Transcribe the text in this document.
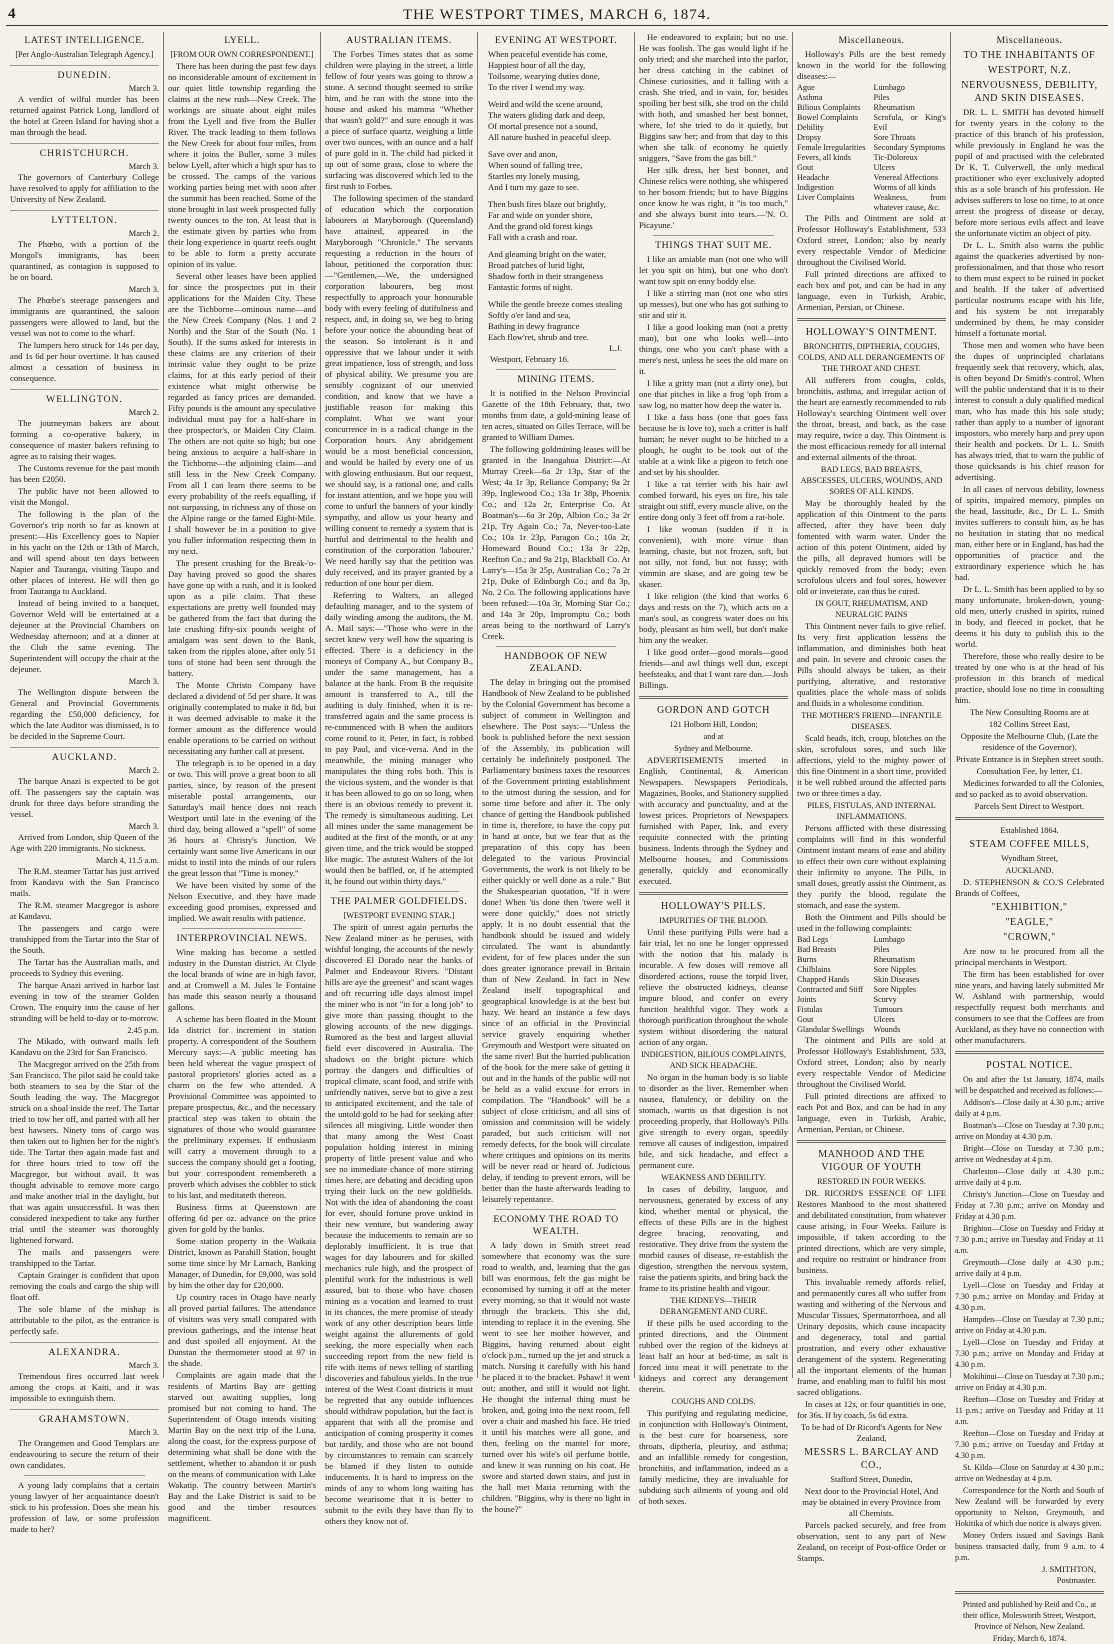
4	THE WESTPORT TIMES, MARCH 6, 1874.
LATEST INTELLIGENCE.
[Per Anglo-Australian Telegraph Agency.]
DUNEDIN.
March 3.

A verdict of wilful murder has been returned against Patrick Long, landlord of the hotel at Green Island for having shot a man through the head.

CHRISTCHURCH.
March 3.

The governors of Canterbury College have resolved to apply for affiliation to the University of New Zealand.

LYTTELTON.
March 2.

The Phœbo, with a portion of the Mongol's immigrants, has been quarantined, as contagion is supposed to be on board.

March 3.

The Phœbe's steerage passengers and immigrants are quarantined, the saloon passengers were allowed to land, but the vessel was not to come to the wharf.

The lumpers hero struck for 14s per day, and 1s 6d per hour overtime. It has caused almost a cessation of business in consequence.

WELLINGTON.
March 2.

The journeyman bakers are about forming a co-operative bakery, in consequence of master bakers refusing to agree as to raising their wages.

The Customs revenue for the past month has been £2050.

The public have not been allowed to visit the Mongol.

The following is the plan of the Governor's trip north so far as known at present:—His Excellency goes to Napier in his yacht on the 12th or 13th of March, and will spend about ten days between Napier and Tauranga, visiting Taupo and other places of interest. He will then go from Tauranga to Auckland.

Instead of being invited to a banquet, Governor Weld will be entertained at a dejeuner at the Provincial Chambers on Wednesday afternoon; and at a dinner at the Club the same evening. The Superintendent will occupy the chair at the dejeuner.

March 3.

The Wellington dispute between the General and Provincial Governments regarding the £50,000 deficiency, for which the late Auditor was dismissed, is to be decided in the Supreme Court.

AUCKLAND.
March 2.

The barque Anazi is expected to be got off. The passengers say the captain was drunk for three days before stranding the vessel.

March 3.

Arrived from London, ship Queen of the Age with 220 immigrants. No sickness.

March 4, 11.5 a.m.

The R.M. steamer Tartar has just arrived from Kandavu with the San Francisco mails.

The R.M. steamer Macgregor is ashore at Kandavu.

The passengers and cargo were transhipped from the Tartar into the Star of the South.

The Tartar has the Australian mails, and proceeds to Sydney this evening.

The barque Anazi arrived in harbor last evening in tow of the steamer Golden Crown. The enquiry into the cause of her stranding will be held to-day or to-morrow.

2.45 p.m.

The Mikado, with outward mails left Kandavu on the 23rd for San Francisco.

The Macgregor arrived on the 25th from San Francisco. The pilot said he could take both steamers to sea by the Star of the South leading the way. The Macgregor struck on a shoal inside the reef. The Tartar tried to tow her off, and parted with all her best hawsers. Ninety tons of cargo was then taken out to lighten her for the night's tide. The Tartar then again made fast and for three hours tried to tow off the Macgregor, but without avail. It was thought advisable to remove more cargo and make another trial in the daylight, but that was again unsuccessful. It was then considered inexpedient to take any further trial until the steamer was thoroughly lightened forward.

The mails and passengers were transhipped to the Tartar.

Captain Grainger is confident that upon removing the coals and cargo the ship will float off.

The sole blame of the mishap is attributable to the pilot, as the entrance is perfectly safe.

ALEXANDRA.
March 3.

Tremendous fires occurred last week among the crops at Kaiti, and it was impossible to extinguish them.

GRAHAMSTOWN.
March 3.

The Orangemen and Good Templars are endeavouring to secure the return of their own candidates.

A young lady complains that a certain young lawyer of her acquaintance doesn't stick to his profession. Does she mean his profession of law, or some profession made to her?

LYELL.
[FROM OUR OWN CORRESPONDENT.]

There has been during the past few days no inconsiderable amount of excitement in our quiet little township regarding the claims at the new rush—New Creek. The workings are situate about eight miles from the Lyell and five from the Buller River. The track leading to them follows the New Creek for about four miles, from where it joins the Buller, some 3 miles below Lyell, after which a high spur has to be crossed. The camps of the various working parties being met with soon after the summit has been reached. Some of the stone brought in last week prospected fully twenty ounces to the ton. At least that is the estimate given by parties who from their long experience in quartz reefs ought to be able to form a pretty accurate opinion of its value.

Several other leases have been applied for since the prospectors put in their applications for the Maiden City. These are the Tichborne—ominous name—and the New Creek Company (Nos. 1 and 2 North) and the Star of the South (No. 1 South). If the sums asked for interests in these claims are any criterion of their intrinsic value they ought to be prize claims, for at this early period of their existence what might otherwise be regarded as fancy prices are demanded. Fifty pounds is the amount any speculative individual must pay for a half-share in thee prospector's, or Maiden City Claim. The others are not quite so high; but one being anxious to acquire a half-share in the Tichborne—the adjoining claim—and still less in the New Creek Company. From all I can learn there seems to be every probability of the reefs equalling, if not surpassing, in richness any of those on the Alpine range or the famed Eight-Mile. I shall however be in a position to give you fuller information respecting them in my next.

The present crushing for the Break-'o-Day having proved so good the shares have gone up with a rush, and it is looked upon as a pile claim. That these expectations are pretty well founded may be gathered from the fact that during the late crushing fifty-six pounds weight of amalgam was sent down to the Bank, taken from the ripples alone, after only 51 tons of stone had been sent through the battery.

The Monte Christo Company have declared a dividend of 5d per share. It was originally contemplated to make it 8d, but it was deemed advisable to make it the former amount as the difference would enable operations to be carried on without necessitating any further call at present.

The telegraph is to be opened in a day or two. This will prove a great boon to all parties, since, by reason of the present miserable postal arrangements, our Saturday's mail hence does not reach Westport until late in the evening of the third day, being allowed a "spell" of some 36 hours at Christy's Junction. We certainly want some live Americans in our midst to instil into the minds of our rulers the great lesson that "Time is money."

We have been visited by some of the Nelson Executive, and they have made exceeding good promises, expressed and implied. We await results with patience.

INTERPROVINCIAL NEWS.

Wine making has become a settled industry in the Dunstan district. At Clyde the local brands of wine are in high favor, and at Cromwell a M. Jules le Fontaine has made this season nearly a thousand gallons.

A scheme has been floated in the Mount Ida district for increment in station property. A correspondent of the Southern Mercury says:—A public meeting has been held whereat the vague prospect of pastoral proprietors' glories acted as a charm on the few who attended. A Provisional Committee was appointed to prepare prospectus, &c., and the necessary practical step was taken to obtain the signatures of those who would guarantee the preliminary expenses. If enthusiasm will carry a movement through to a success the company should get a footing, but your correspondent remembereth a proverb which advises the cobbler to stick to his last, and meditateth thereon.

Business firms at Queenstown are offering 6d per oz. advance on the price given for gold by the banks.

Some station property in the Waikaia District, known as Parahill Station, bought some time since by Mr Larnach, Banking Manager, of Dunedin, for £9,000, was sold by him the other day for £20,000.

Up country races in Otago have nearly all proved partial failures. The attendance of visitors was very small compared with previous gatherings, and the intense heat and dust spoiled all enjoyment. At the Dunstan the thermometer stood at 97 in the shade.

Complaints are again made that the residents of Martins Bay are getting starved out awaiting supplies, long promised but not coming to hand. The Superintendent of Otago intends visiting Martin Bay on the next trip of the Luna, along the coast, for the express purpose of determining what shall be done with the settlement, whether to abandon it or push on the means of communication with Lake Wakatip. The country between Martin's Bay and the Lake District is said to be good and the timber resources magnificent.

AUSTRALIAN ITEMS.

The Forbes Times states that as some children were playing in the street, a little fellow of four years was going to throw a stone. A second thought seemed to strike him, and he ran with the stone into the house and asked his mamma "Whether that wasn't gold?" and sure enough it was a piece of surface quartz, weighing a little over two ounces, with an ounce and a half of pure gold in it. The child had picked it up out of some grass, close to where the surfacing was discovered which led to the first rush to Forbes.

The following specimen of the standard of education which the corporation labourers at Maryborough (Queensland) have attained, appeared in the Maryborough "Chronicle." The servants requesting a reduction in the hours of labour, petitioned the corporation thus:—"Gentlemen,—We, the undersigned corporation labourers, beg most respectfully to approach your honourable body with every feeling of dutifulness and respect, and, in doing so, we beg to bring before your notice the abounding heat of the season. So intolerant is it and oppressive that we labour under it with great impatience, loss of strength, and loss of physical ability. We presume you are sensibly cognizant of our unenvied condition, and know that we have a justifiable reason for making this complaint. What we want your concurrence in is a radical change in the Corporation hours. Any abridgement would be a most beneficial concession, and would be hailed by every one of us with glowing enthusiasm. But our request, we should say, is a rational one, and calls for instant attention, and we hope you will come to unfurl the banners of your kindly sympathy, and allow us your hearty and willing consent to remedy a system that is hurtful and detrimental to the health and constitution of the corporation 'labourer.' We need hardly say that the petition was duly received, and its prayer granted by a reduction of one hour per diem.

Referring to Walters, an alleged defaulting manager, and to the system of daily winding among the auditors, the M. A. Mail says:—"Those who were in the secret knew very well how the squaring is effected. There is a deficiency in the moneys of Company A., but Company B., under the same management, has a balance at the bank. From B the requisite amount is transferred to A., till the auditing is duly finished, when it is re-transferred again and the same process is re-commenced with B when the auditors come round to it. Peter, in fact, is robbed to pay Paul, and vice-versa. And in the meanwhile, the mining manager who manipulates the thing robs both. This is the vicious system, and the wonder is that it has been allowed to go on so long, when there is an obvious remedy to prevent it. The remedy is simultaneous auditing. Let all mines under the same management be audited at the first of the month, or at any given time, and the trick would be stopped like magic. The astutest Walters of the lot would then be baffled, or, if he attempted it, he found out within thirty days."

THE PALMER GOLDFIELDS.
[WESTPORT EVENING STAR.]

The spirit of unrest again perturbs the New Zealand miner as he peruses, with wishful longing, the accounts of the newly discovered El Dorado near the banks of Palmer and Endeavour Rivers. "Distant hills are aye the greenest" and scant wages and oft recurring idle days almost impel the miner who is not "in for a long job" to give more than passing thought to the glowing accounts of the new diggings. Rumored as the best and largest alluvial field ever discovered in Australia. The shadows on the bright picture which portray the dangers and difficulties of tropical climate, scant food, and strife with unfriendly natives, serve but to give a zest to anticipated excitement, and the tale of the untold gold to be had for seeking after silences all misgiving. Little wonder then that many among the West Coast population holding interest in mining property of little present value and who see no immediate chance of more stirring times here, are debating and deciding upon trying their luck on the new goldfields. Not with the idea of abandoning the coast for ever, should fortune prove unkind in their new venture, but wandering away because the inducements to remain are so deplorably insufficient. It is true that wages for day labourers and for skilled mechanics rule high, and the prospect of plentiful work for the industrious is well assured, but to those who have chosen mining as a vocation and learned to trust in its chances, the mere promise of steady work of any other description bears little weight against the allurements of gold seeking, the more especially when each succeeding report from the new field is rife with items of news telling of startling discoveries and fabulous yields. In the true interest of the West Coast districts it must be regretted that any outside influences should withdraw population, but the fact is apparent that with all the promise and anticipation of coming prosperity it comes but tardily, and those who are not bound by circumstances to remain can scarcely be blamed if they listen to outside inducements. It is hard to impress on the minds of any to whom long waiting has become wearisome that it is better to submit to the evils they have than fly to others they know not of.

EVENING AT WESTPORT.

When peaceful eventide has come,

Happiest hour of all the day,

Toilsome, wearying duties done,

To the river I wend my way.

Weird and wild the scene around,

The waters gliding dark and deep,

Of mortal presence not a sound,

All nature hushed in peaceful sleep.

Save over and anon,

When sound of falling tree,

Startles my lonely musing,

And I turn my gaze to see.

Then bush fires blaze out brightly,

Far and wide on yonder shore,

And the grand old forest kings

Fall with a crash and roar.

And gleaming bright on the water,

Broad patches of lurid light,

Shadow forth in their strangeness

Fantastic forms of night.

While the gentle breeze comes stealing

Softly o'er land and sea,

Bathing in dewy fragrance

Each flow'ret, shrub and tree.

L.J.

Westport, February 16.

MINING ITEMS.

It is notified in the Nelson Provincial Gazette of the 18th February, that, two months from date, a gold-mining lease of ten acres, situated on Giles Terrace, will be granted to William Dames.

The following goldmining leases will be granted in the Inangahua District:—At Murray Creek—6a 2r 13p, Star of the West; 4a 1r 3p, Reliance Company; 9a 2r 39p, Inglewood Co.; 13a 1r 38p, Phoenix Co.; and 12a 2r, Enterprise Co. At Boatman's—6a 3r 20p, Albion Co.; 3a 2r 21p, Try Again Co.; 7a, Never-too-Late Co.; 10a 1r 23p, Paragon Co.; 10a 2r, Homeward Bound Co.; 13a 3r 22p, Reefton Co.; and 9a 21p, Blackball Co. At Larry's—15a 3r 25p, Australian Co.; 7a 2r 21p, Duke of Edinburgh Co.; and 8a 3p, No. 2 Co. The following applications have been refused:—10a 3r, Morning Star Co.; and 14a 3r 20p, Impromptu Co.; both areas being to the northward of Larry's Creek.

HANDBOOK OF NEW ZEALAND.

The delay in bringing out the promised Handbook of New Zealand to be published by the Colonial Government has become a subject of comment in Wellington and elsewhere. The Post says:—"Unless the book is published before the next session of the Assembly, its publication will certainly be indefinitely postponed. The Parliamentary business taxes the resources of the Government printing establishment to the utmost during the session, and for some time before and after it. The only chance of getting the Handbook published in time is, therefore, to have the copy put in hand at once, but we fear that as the preparation of this copy has been delegated to the various Provincial Governments, the work is not likely to be either quickly or well done as a rule." But the Shakespearian quotation, "If it were done! When 'tis done then 'twere well it were done quickly," does not strictly apply. It is no doubt essential that the handbook should be issued and widely circulated. The want is abundantly evident, for of few places under the sun does greater ignorance prevail in Britain than of New Zealand. In fact in New Zealand itself topographical and geographical knowledge is at the best but hazy. We heard an instance a few days since of an official in the Provincial service gravely enquiring whether Greymouth and Westport were situated on the same river! But the hurried publication of the book for the mere sake of getting it out and in the hands of the public will not be held as a valid excuse for errors in compilation. The "Handbook" will be a subject of close criticism, and all sins of omission and commission will be widely paraded, but such criticism will not remedy defects, for the book will circulate where critiques and opinions on its merits will be never read or heard of. Judicious delay, if tending to prevent errors, will be better than the haste afterwards leading to leisurely repentance.

ECONOMY THE ROAD TO WEALTH.

A lady down in Smith street read somewhere that economy was the sure road to wealth, and, learning that the gas bill was enormous, felt the gas might be economised by turning it off at the meter every morning, so that it would not waste through the brackets. This she did, intending to replace it in the evening. She went to see her mother however, and Biggins, having returned about eight o'clock p.m., turned up the jet and struck a match. Nursing it carefully with his hand he placed it to the bracket. Pshaw! it went out; another, and still it would not light. He thought the infernal thing must be broken, and, going into the next room, fell over a chair and mashed his face. He tried it until his matches were all gone, and then, feeling on the mantel for more, turned over his wife's oil perfume bottle, and knew it was running on his coat. He swore and started down stairs, and just in the hall met Maria returning with the children. "Biggins, why is there no light in the house?"

He endeavored to explain; but no use. He was foolish. The gas would light if he only tried; and she marched into the parlor, her dress catching in the cabinet of Chinese curiosities, and it falling with a crash. She tried, and in vain, for, besides spoiling her best silk, she trod on the child with both, and smashed her best bonnet, where, lo! she tried to do it quietly, but Biggins saw her; and from that day to this when she talk of economy he quietly sniggers, "Save from the gas bill."

Her silk dress, her best bonnet, and Chinese relics were nothing, she whispered to her bosom friends; but to have Biggins once know he was right, it "is too much," and she always burst into tears.—'N. O. Picayune.'

THINGS THAT SUIT ME.

I like an amiable man (not one who will let you spit on him), but one who don't want tow spit on enny boddy else.

I like a stirring man (not one who stirs up messes), but one who has got suthing to stir and stir it.

I like a good looking man (not a pretty man), but one who looks well—into things, one who you can't phase with a mere's nest, unless he sees the old mare on it.

I like a gritty man (not a dirty one), but one that pitches in like a frog 'oph from a saw log, no matter how deep the water is.

I like a fass hoss (one that goes fass because he is love to), such a critter is half human; he never ought to be hitched to a plough, he ought to be took out of the stable at a wink like a pigeon to fetch one and set by his shoulder.

I like a rat terrier with his hair awl combed forward, his eyes on fire, his tale straight out stiff, every muscle alive, on the entire dong only 3 feet off from a rat-hole.

I like woman (sudden if it is convenient), with more virtue than learning, chaste, but not frozen, soft, but not silly, not fond, but not fussy; with vimmin are skase, and are going tew be skaser.

I like religion (the kind that works 6 days and rests on the 7), which acts on a man's soul, as congress water does on his body, pleasant as him well, but don't make him any the weaker.

I like good order—good morals—good friends—and awl things well dun, except beefsteaks, and that I want rare dun.—Josh Billings.

GORDON AND GOTCH
121 Holborn Hill, London;
and at
Sydney and Melbourne.

ADVERTISEMENTS inserted in English, Continental, & American Newspapers. Newspapers Periodicals, Magazines, Books, and Stationery supplied with accuracy and punctuality, and at the lowest prices. Proprietors of Newspapers furnished with Paper, Ink, and every requisite connected with the printing business. Indents through the Sydney and Melbourne houses, and Commissions generally, quickly and economically executed.

HOLLOWAY'S PILLS.
IMPURITIES OF THE BLOOD.

Until these purifying Pills were had a fair trial, let no one be longer oppressed with the notion that his malady is incurable. A few doses will remove all disordered actions, rouse the torpid liver, relieve the obstructed kidneys, cleanse impure blood, and confer on every function healthful vigor. They work a thorough purification throughout the whole system without disordering the natural action of any organ.

INDIGESTION, BILIOUS COMPLAINTS, AND SICK HEADACHE.

No organ in the human body is so liable to disorder as the liver. Remember when nausea, flatulency, or debility on the stomach, warns us that digestion is not proceeding properly, that Holloway's Pills give strength to every organ, speedily remove all causes of indigestion, impaired bile, and sick headache, and effect a permanent cure.

WEAKNESS AND DEBILITY.

In cases of debility, languor, and nervousness, generated by excess of any kind, whether mental or physical, the effects of these Pills are in the highest degree bracing, renovating, and restorative. They drive from the system the morbid causes of disease, re-establish the digestion, strengthen the nervous system, raise the patients spirits, and bring back the frame to its pristine health and vigour.

THE KIDNEYS—THEIR DERANGEMENT AND CURE.

If these pills be used according to the printed directions, and the Ointment rubbed over the region of the kidneys at least half an hour at bed-time, as salt is forced into meat it will penetrate to the kidneys and correct any derangement therein.

COUGHS AND COLDS.

This purifying and regulating medicine, in conjunction with Holloway's Ointment, is the best cure for hoarseness, sore throats, diptheria, pleurisy, and asthma; and an infallible remedy for congestion, bronchitis, and inflammation, indeed as a family medicine, they are invaluable for subduing such ailments of young and old of both sexes.

Miscellaneous.

Holloway's Pills are the best remedy known in the world for the following diseases:—

Ague
Asthma
Bilious Complaints
Bowel Complaints
Debility
Dropsy
Female Irregularities
Fevers, all kinds
Gout
Headache
Indigestion
Liver Complaints
Lumbago
Piles
Rheumatism
Scrofula, or King's Evil
Sore Throats
Secondary Symptoms
Tic-Doloreux
Ulcers
Venereal Affections
Worms of all kinds
Weakness, from whatever cause, &c.

The Pills and Ointment are sold at Professor Holloway's Establishment, 533 Oxford street, London; also by nearly every respectable Vendor of Medicine throughout the Civilised World.

Full printed directions are affixed to each box and pot, and can be had in any language, even in Turkish, Arabic, Armenian, Persian, or Chinese.

HOLLOWAY'S OINTMENT.
BRONCHITIS, DIPTHERIA, COUGHS, COLDS, AND ALL DERANGEMENTS OF THE THROAT AND CHEST.

All sufferers from coughs, colds, bronchitis, asthma, and irregular action of the heart are earnestly recommended to rub Holloway's searching Ointment well over the throat, breast, and back, as the case may require, twice a day. This Ointment is the most efficacious remedy for all internal and external ailments of the throat.

BAD LEGS, BAD BREASTS, ABSCESSES, ULCERS, WOUNDS, AND SORES OF ALL KINDS.

May be thoroughly healed by the application of this Ointment to the parts affected, after they have been duly fomented with warm water. Under the action of this potent Ointment, aided by the pills, all depraved humors will be quickly removed from the body; even scrofulous ulcers and foul sores, however old or inveterate, can thus be cured.

IN GOUT, RHEUMATISM, AND NEURALGIC PAINS

This Ointment never fails to give relief. Its very first application lessens the inflammation, and diminishes both heat and pain. In severe and chronic cases the Pills should always be taken, as their purifying, alterative, and restorative qualities place the whole mass of solids and fluids in a wholesome condition.

THE MOTHER'S FRIEND—INFANTILE DISEASES.

Scald heads, itch, croup, blotches on the skin, scrofulous sores, and such like affections, yield to the mighty power of this fine Ointment in a short time, provided it be well rubbed around the affected parts two or three times a day.

PILES, FISTULAS, AND INTERNAL INFLAMMATIONS.

Persons afflicted with these distressing complaints will find in this wonderful Ointment instant means of ease and ability to effect their own cure without explaining their infirmity to anyone. The Pills, in small doses, greatly assist the Ointment, as they purify the blood, regulate the stomach, and ease the system.

Both the Ointment and Pills should be used in the following complaints:

Bad Legs
Bad Breasts
Burns
Chilblains
Chapped Hands
Contracted and Stiff
Joints
Fistulas
Gout
Glandular Swellings
Lumbago
Piles
Rheumatism
Sore Nipples
Skin Diseases
Sore Nipples
Scurvy
Tumours
Ulcers
Wounds

The ointment and Pills are sold at Professor Holloway's Establishment, 533, Oxford street, London; also by nearly every respectable Vendor of Medicine throughout the Civilised World.

Full printed directions are affixed to each Pot and Box, and can be had in any language, even in Turkish, Arabic, Armenian, Persian, or Chinese.

MANHOOD AND THE VIGOUR OF YOUTH
RESTORED IN FOUR WEEKS.

DR. RICORD'S ESSENCE OF LIFE Restores Manhood to the most shattered and debilitated constitution, from whatever cause arising, in Four Weeks. Failure is impossible, if taken according to the printed directions, which are very simple, and require no restraint or hindrance from business.

This invaluable remedy affords relief, and permanently cures all who suffer from wasting and withering of the Nervous and Muscular Tissues, Spermatorrhoea, and all Urinary deposits, which cause incapacity and degeneracy, total and partial prostration, and every other exhaustive derangement of the system. Regenerating all the important elements of the human frame, and enabling man to fulfil his most sacred obligations.

In cases at 12s, or four quantities in one, for 36s. If by coach, 5s 6d extra.

To be had of Dr Ricord's Agents for New Zealand,

MESSRS L. BARCLAY AND CO.,
Stafford Street, Dunedin,

Next door to the Provincial Hotel, And may be obtained in every Province from all Chemists.

Parcels packed securely, and free from observation, sent to any part of New Zealand, on receipt of Post-office Order or Stamps.

Miscellaneous.
TO THE INHABITANTS OF
WESTPORT, N.Z.
NERVOUSNESS, DEBILITY, AND SKIN DISEASES.

DR. L. L. SMITH has devoted himself for twenty years in the colony to the practice of this branch of his profession, while previously in England he was the pupil of and practised with the celebrated Dr K. T. Culverwell, the only medical practitioner who ever exclusively adopted this as a sole branch of his profession. He advises sufferers to lose no time, to at once arrest the progress of disease or decay, before more serious evils affect and leave the unfortunate victim an object of pity.

Dr L. L. Smith also warns the public against the quackeries advertised by non-professionalmen, and that those who resort to them must expect to be ruined in pocket and health. If the taker of advertised particular nostrums escape with his life, and his system be not irreparably undermined by them, he may consider himself a fortunate mortal.

Those men and women who have been the dupes of unprincipled charlatans frequently seek that recovery, which, alas, is often beyond Dr Smith's control. When will the public understand that it is to their interest to consult a duly qualified medical man, who has made this his sole study; rather than apply to a number of ignorant impostors, who merely harp and prey upon their health and pockets. Dr L. L. Smith has always tried, that to warn the public of those quicksands is his chief reason for advertising.

In all cases of nervous debility, lowness of spirits, impaired memory, pimples on the head, lassitude, &c., Dr L. L. Smith invites sufferers to consult him, as he has no hesitation in stating that no medical man, either here or in England, has had the opportunities of practice and the extraordinary experience which he has had.

Dr L. L. Smith has been applied to by so many unfortunate, broken-down, young-old men, utterly crushed in spirits, ruined in body, and fleeced in pocket, that he deems it his duty to publish this to the world.

Therefore, those who really desire to be treated by one who is at the head of his profession in this branch of medical practice, should lose no time in consulting him.

The New Consulting Rooms are at

182 Collins Street East,

Opposite the Melbourne Club, (Late the residence of the Governor).

Private Entrance is in Stephen street south.

Consultation Fee, by letter, £1.

Medicines forwarded to all the Colonies, and so packed as to avoid observation.

Parcels Sent Direct to Westport.

Established 1864.
STEAM COFFEE MILLS,
Wyndham Street,
AUCKLAND.

D. STEPHENSON & CO.'S Celebrated Brands of Coffees,

"EXHIBITION,"
"EAGLE,"
"CROWN,"

Are now to be procured from all the principal merchants in Westport.

The firm has been established for over nine years, and having lately submitted Mr W. Ashland with partnership, would respectfully request both merchants and consumers to see that the Coffees are from Auckland, as they have no connection with other manufacturers.

POSTAL NOTICE.

On and after the 1st January, 1874, mails will be despatched and received as follows:—

Addison's—Close daily at 4.30 p.m.; arrive daily at 4 p.m.

Boatman's—Close on Tuesday at 7.30 p.m.; arrive on Monday at 4.30 p.m.

Bright—Close on Tuesday at 7.30 p.m.; arrive on Wednesday at 4 p.m.

Charleston—Close daily at 4.30 p.m.; arrive daily at 4 p.m.

Christy's Junction—Close on Tuesday and Friday at 7.30 p.m.; arrive on Monday and Friday at 4.30 p.m.

Brighton—Close on Tuesday and Friday at 7.30 p.m.; arrive on Tuesday and Friday at 11 a.m.

Greymouth—Close daily at 4.30 p.m.; arrive daily at 4 p.m.

Lyell—Close on Tuesday and Friday at 7.30 p.m.; arrive on Monday and Friday at 4.30 p.m.

Hampden—Close on Tuesday at 7.30 p.m.; arrive on Friday at 4.30 p.m.

Lyell—Close on Tuesday and Friday at 7.30 p.m.; arrive on Monday and Friday at 4.30 p.m.

Mokihinui—Close on Tuesday at 7.30 p.m.; arrive on Friday at 4.30 p.m.

Reefton—Close on Tuesday and Friday at 11 p.m.; arrive on Tuesday and Friday at 11 a.m.

Reefton—Close on Tuesday and Friday at 7.30 p.m.; arrive on Tuesday and Friday at 4.30 p.m.

St. Kilda—Close on Saturday at 4.30 p.m.; arrive on Wednesday at 4 p.m.

Correspondence for the North and South of New Zealand will be forwarded by every opportunity to Nelson, Greymouth, and Hokitika of which due notice is always given.

Money Orders issued and Savings Bank business transacted daily, from 9 a.m. to 4 p.m.

J. SMITHTON,
Postmaster.

Printed and published by Reid and Co., at their office, Molesworth Street, Westport, Province of Nelson, New Zealand.

Friday, March 6, 1874.
